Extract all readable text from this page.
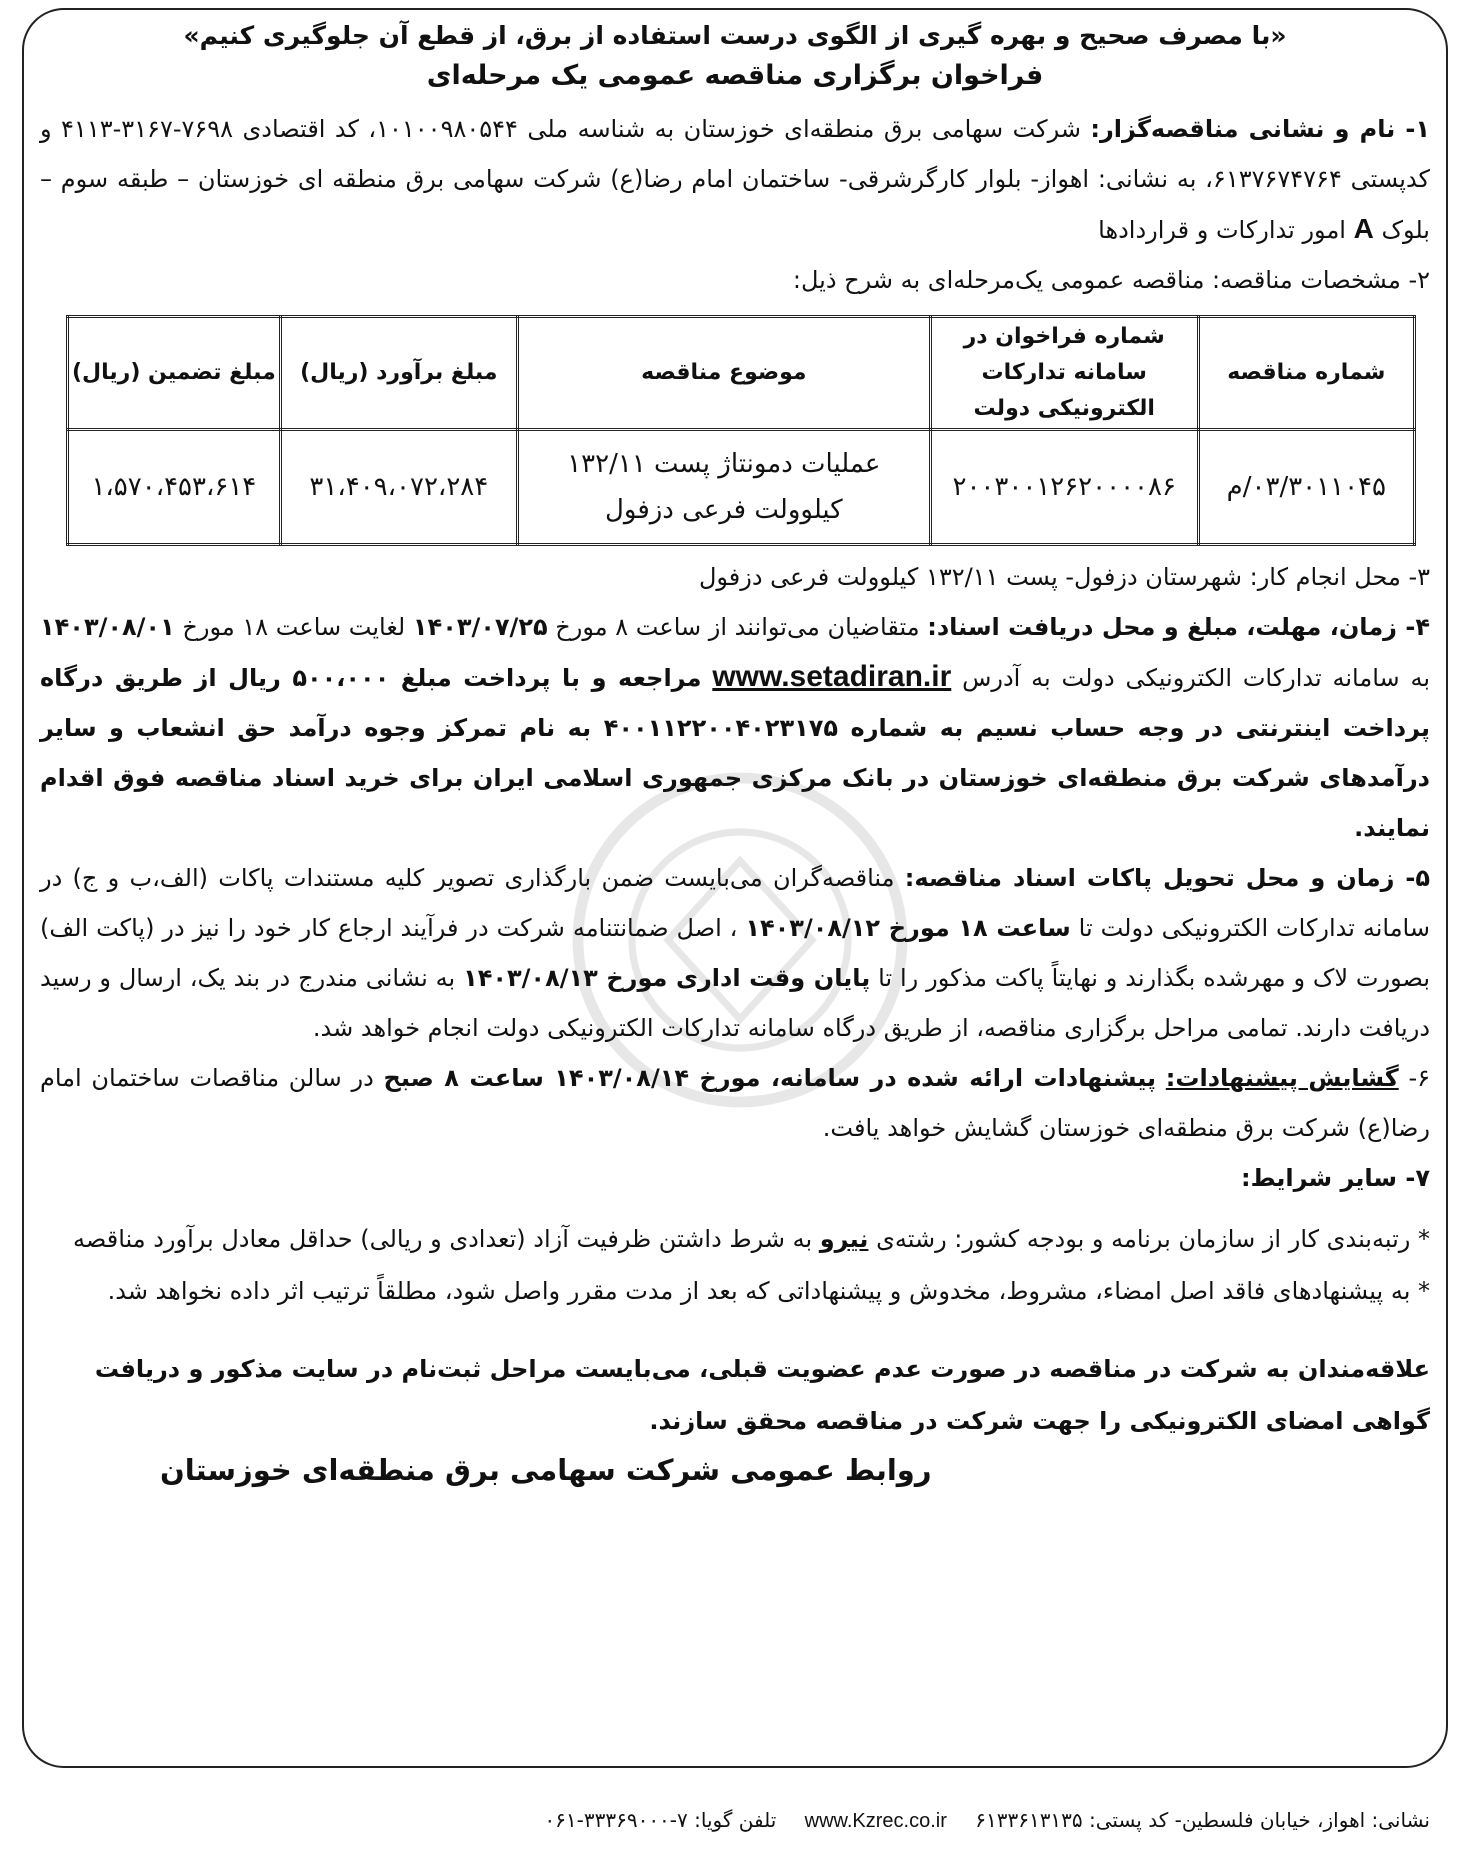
«با مصرف صحیح و بهره گیری از الگوی درست استفاده از برق، از قطع آن جلوگیری کنیم»

فراخوان برگزاری مناقصه عمومی یک مرحله‌ای

۱- نام و نشانی مناقصه‌گزار: شرکت سهامی برق منطقه‌ای خوزستان به شناسه ملی ۱۰۱۰۰۹۸۰۵۴۴، کد اقتصادی ۷۶۹۸-۳۱۶۷-۴۱۱۳ و کدپستی ۶۱۳۷۶۷۴۷۶۴، به نشانی: اهواز- بلوار کارگرشرقی- ساختمان امام رضا(ع) شرکت سهامی برق منطقه ای خوزستان – طبقه سوم – بلوک A امور تدارکات و قراردادها

۲- مشخصات مناقصه: مناقصه عمومی یک‌مرحله‌ای به شرح ذیل:

شماره مناقصه	شماره فراخوان در سامانه تدارکات الکترونیکی دولت	موضوع مناقصه	مبلغ برآورد (ریال)	مبلغ تضمین (ریال)
۰۳/۳۰۱۱۰۴۵/م	۲۰۰۳۰۰۱۲۶۲۰۰۰۰۸۶	عملیات دمونتاژ پست ۱۳۲/۱۱ کیلوولت فرعی دزفول	۳۱،۴۰۹،۰۷۲،۲۸۴	۱،۵۷۰،۴۵۳،۶۱۴

۳- محل انجام کار: شهرستان دزفول- پست ۱۳۲/۱۱ کیلوولت فرعی دزفول

۴- زمان، مهلت، مبلغ و محل دریافت اسناد: متقاضیان می‌توانند از ساعت ۸ مورخ ۱۴۰۳/۰۷/۲۵ لغایت ساعت ۱۸ مورخ ۱۴۰۳/۰۸/۰۱ به سامانه تدارکات الکترونیکی دولت به آدرس www.setadiran.ir مراجعه و با پرداخت مبلغ ۵۰۰،۰۰۰ ریال از طریق درگاه پرداخت اینترنتی در وجه حساب نسیم به شماره ۴۰۰۱۱۲۲۰۰۴۰۲۳۱۷۵ به نام تمرکز وجوه درآمد حق انشعاب و سایر درآمدهای شرکت برق منطقه‌ای خوزستان در بانک مرکزی جمهوری اسلامی ایران برای خرید اسناد مناقصه فوق اقدام نمایند.

۵- زمان و محل تحویل پاکات اسناد مناقصه: مناقصه‌گران می‌بایست ضمن بارگذاری تصویر کلیه مستندات پاکات (الف،ب و ج) در سامانه تدارکات الکترونیکی دولت تا ساعت ۱۸ مورخ ۱۴۰۳/۰۸/۱۲ ، اصل ضمانتنامه شرکت در فرآیند ارجاع کار خود را نیز در (پاکت الف) بصورت لاک و مهرشده بگذارند و نهایتاً پاکت مذکور را تا پایان وقت اداری مورخ ۱۴۰۳/۰۸/۱۳ به نشانی مندرج در بند یک، ارسال و رسید دریافت دارند. تمامی مراحل برگزاری مناقصه، از طریق درگاه سامانه تدارکات الکترونیکی دولت انجام خواهد شد.

۶- گشایش پیشنهادات: پیشنهادات ارائه شده در سامانه، مورخ ۱۴۰۳/۰۸/۱۴ ساعت ۸ صبح در سالن مناقصات ساختمان امام رضا(ع) شرکت برق منطقه‌ای خوزستان گشایش خواهد یافت.

۷- سایر شرایط:

* رتبه‌بندی کار از سازمان برنامه و بودجه کشور: رشته‌ی نیرو به شرط داشتن ظرفیت آزاد (تعدادی و ریالی) حداقل معادل برآورد مناقصه

* به پیشنهادهای فاقد اصل امضاء، مشروط، مخدوش و پیشنهاداتی که بعد از مدت مقرر واصل شود، مطلقاً ترتیب اثر داده نخواهد شد.

علاقه‌مندان به شرکت در مناقصه در صورت عدم عضویت قبلی، می‌بایست مراحل ثبت‌نام در سایت مذکور و دریافت گواهی امضای الکترونیکی را جهت شرکت در مناقصه محقق سازند.

روابط عمومی شرکت سهامی برق منطقه‌ای خوزستان
نشانی: اهواز، خیابان فلسطین- کد پستی: ۶۱۳۳۶۱۳۱۳۵ www.Kzrec.co.ir تلفن گویا: ۷-۳۳۳۶۹۰۰۰-۰۶۱
